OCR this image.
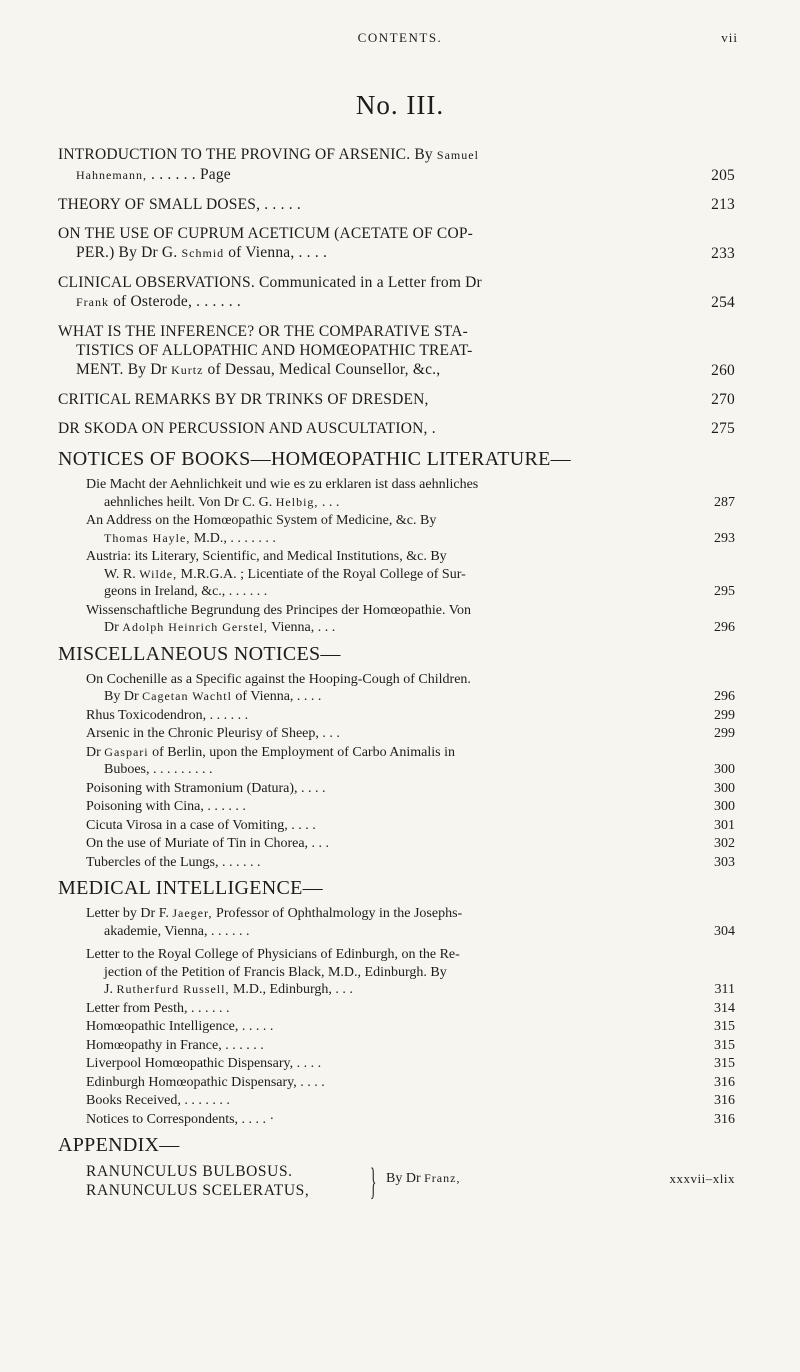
CONTENTS.	vii
No. III.
INTRODUCTION TO THE PROVING OF ARSENIC. By Samuel
Hahnemann, . . . . . . Page	205
THEORY OF SMALL DOSES, . . . . .	213
ON THE USE OF CUPRUM ACETICUM (ACETATE OF COP-
PER.) By Dr G. Schmid of Vienna, . . . .	233
CLINICAL OBSERVATIONS. Communicated in a Letter from Dr
Frank of Osterode, . . . . . .	254
WHAT IS THE INFERENCE? OR THE COMPARATIVE STA-
TISTICS OF ALLOPATHIC AND HOMŒOPATHIC TREAT-
MENT. By Dr Kurtz of Dessau, Medical Counsellor, &c.,	260
CRITICAL REMARKS BY DR TRINKS OF DRESDEN,	270
DR SKODA ON PERCUSSION AND AUSCULTATION, .	275
NOTICES OF BOOKS—HOMŒOPATHIC LITERATURE—
Die Macht der Aehnlichkeit und wie es zu erklaren ist dass aehnliches
aehnliches heilt. Von Dr C. G. Helbig, . . .	287
An Address on the Homœopathic System of Medicine, &c. By
Thomas Hayle, M.D., . . . . . . .	293
Austria: its Literary, Scientific, and Medical Institutions, &c. By
W. R. Wilde, M.R.G.A. ; Licentiate of the Royal College of Sur-
geons in Ireland, &c., . . . . . .	295
Wissenschaftliche Begrundung des Principes der Homœopathie. Von
Dr Adolph Heinrich Gerstel, Vienna, . . .	296
MISCELLANEOUS NOTICES—
On Cochenille as a Specific against the Hooping-Cough of Children.
By Dr Cagetan Wachtl of Vienna, . . . .	296
Rhus Toxicodendron, . . . . . .	299
Arsenic in the Chronic Pleurisy of Sheep, . . .	299
Dr Gaspari of Berlin, upon the Employment of Carbo Animalis in
Buboes, . . . . . . . . .	300
Poisoning with Stramonium (Datura), . . . .	300
Poisoning with Cina, . . . . . .	300
Cicuta Virosa in a case of Vomiting, . . . .	301
On the use of Muriate of Tin in Chorea, . . .	302
Tubercles of the Lungs, . . . . . .	303
MEDICAL INTELLIGENCE—
Letter by Dr F. Jaeger, Professor of Ophthalmology in the Josephs-
akademie, Vienna, . . . . . .	304
Letter to the Royal College of Physicians of Edinburgh, on the Re-
jection of the Petition of Francis Black, M.D., Edinburgh. By
J. Rutherfurd Russell, M.D., Edinburgh, . . .	311
Letter from Pesth, . . . . . .	314
Homœopathic Intelligence, . . . . .	315
Homœopathy in France, . . . . . .	315
Liverpool Homœopathic Dispensary, . . . .	315
Edinburgh Homœopathic Dispensary, . . . .	316
Books Received, . . . . . . .	316
Notices to Correspondents, . . . . ·	316
APPENDIX—
RANUNCULUS BULBOSUS.
RANUNCULUS SCELERATUS, } By Dr Franz,	xxxvii–xlix
